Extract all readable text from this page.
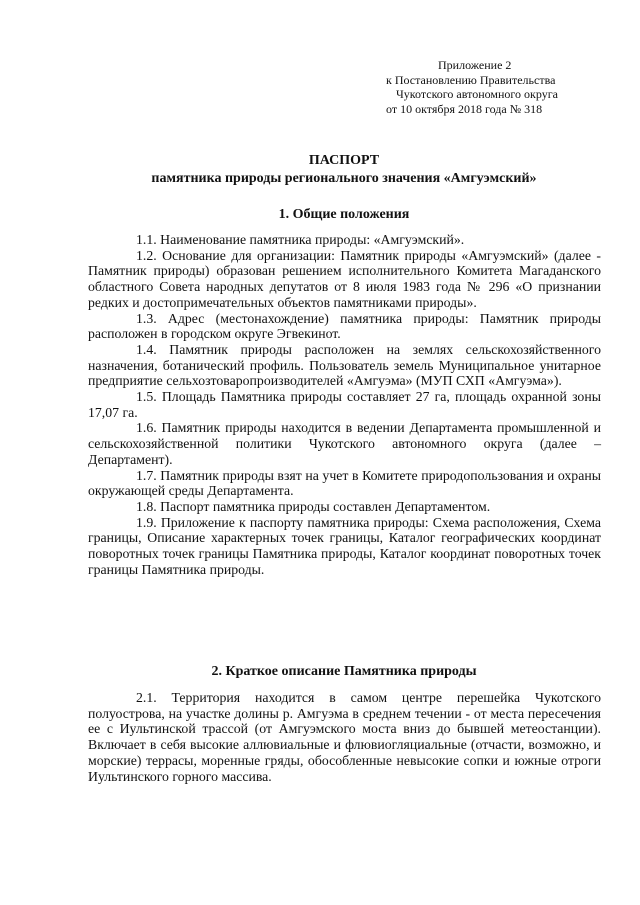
Приложение 2
к Постановлению Правительства
Чукотского автономного округа
от 10 октября 2018 года № 318
ПАСПОРТ
памятника природы регионального значения «Амгуэмский»
1. Общие положения

1.1. Наименование памятника природы: «Амгуэмский».

1.2. Основание для организации: Памятник природы «Амгуэмский» (далее - Памятник природы) образован решением исполнительного Комитета Магаданского областного Совета народных депутатов от 8 июля 1983 года № 296 «О признании редких и достопримечательных объектов памятниками природы».

1.3. Адрес (местонахождение) памятника природы: Памятник природы расположен в городском округе Эгвекинот.

1.4. Памятник природы расположен на землях сельскохозяйственного назначения, ботанический профиль. Пользователь земель Муниципальное унитарное предприятие сельхозтоваропроизводителей «Амгуэма» (МУП СХП «Амгуэма»).

1.5. Площадь Памятника природы составляет 27 га, площадь охранной зоны 17,07 га.

1.6. Памятник природы находится в ведении Департамента промышленной и сельскохозяйственной политики Чукотского автономного округа (далее – Департамент).

1.7. Памятник природы взят на учет в Комитете природопользования и охраны окружающей среды Департамента.

1.8. Паспорт памятника природы составлен Департаментом.

1.9. Приложение к паспорту памятника природы: Схема расположения, Схема границы, Описание характерных точек границы, Каталог географических координат поворотных точек границы Памятника природы, Каталог координат поворотных точек границы Памятника природы.

2. Краткое описание Памятника природы

2.1. Территория находится в самом центре перешейка Чукотского полуострова, на участке долины р. Амгуэма в среднем течении - от места пересечения ее с Иультинской трассой (от Амгуэмского моста вниз до бывшей метеостанции). Включает в себя высокие аллювиальные и флювиогляциальные (отчасти, возможно, и морские) террасы, моренные гряды, обособленные невысокие сопки и южные отроги Иультинского горного массива.
